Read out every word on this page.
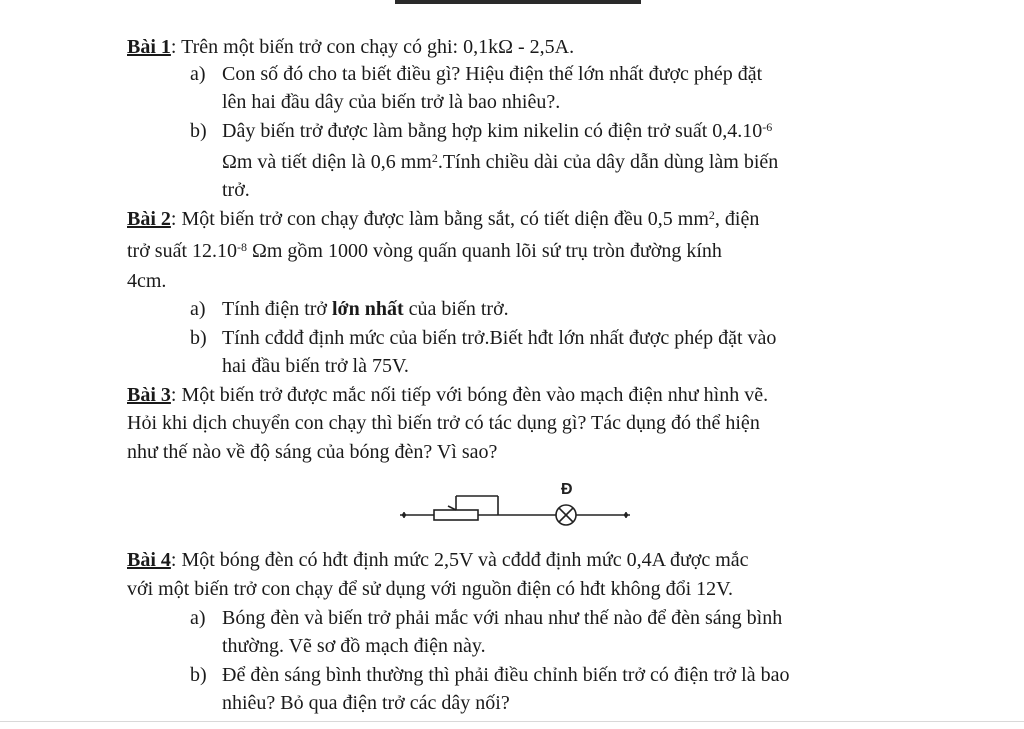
Bài 1: Trên một biến trở con chạy có ghi: 0,1kΩ - 2,5A.
a) Con số đó cho ta biết điều gì? Hiệu điện thế lớn nhất được phép đặt
lên hai đầu dây của biến trở là bao nhiêu?.
b) Dây biến trở được làm bằng hợp kim nikelin có điện trở suất $0,4.10^{-6}$
Ωm và tiết diện là 0,6 $mm^2.Tính$ chiều dài của dây dẫn dùng làm biến
trở.
Bài 2: Một biến trở con chạy được làm bằng sắt, có tiết diện đều 0,5 $mm^2$, điện
trở suất $12.10^{-8}$ Ωm gồm 1000 vòng quấn quanh lõi sứ trụ tròn đường kính
4cm.
a) Tính điện trở lớn nhất của biến trở.
b) Tính cđdđ định mức của biến trở.Biết hđt lớn nhất được phép đặt vào
hai đầu biến trở là 75V.
Bài 3: Một biến trở được mắc nối tiếp với bóng đèn vào mạch điện như hình vẽ.
Hỏi khi dịch chuyển con chạy thì biến trở có tác dụng gì? Tác dụng đó thể hiện
như thế nào về độ sáng của bóng đèn? Vì sao?
Đ
Bài 4: Một bóng đèn có hđt định mức 2,5V và cđdđ định mức 0,4A được mắc
với một biến trở con chạy để sử dụng với nguồn điện có hđt không đổi 12V.
a) Bóng đèn và biến trở phải mắc với nhau như thế nào để đèn sáng bình
thường. Vẽ sơ đồ mạch điện này.
b) Để đèn sáng bình thường thì phải điều chỉnh biến trở có điện trở là bao
nhiêu? Bỏ qua điện trở các dây nối?
